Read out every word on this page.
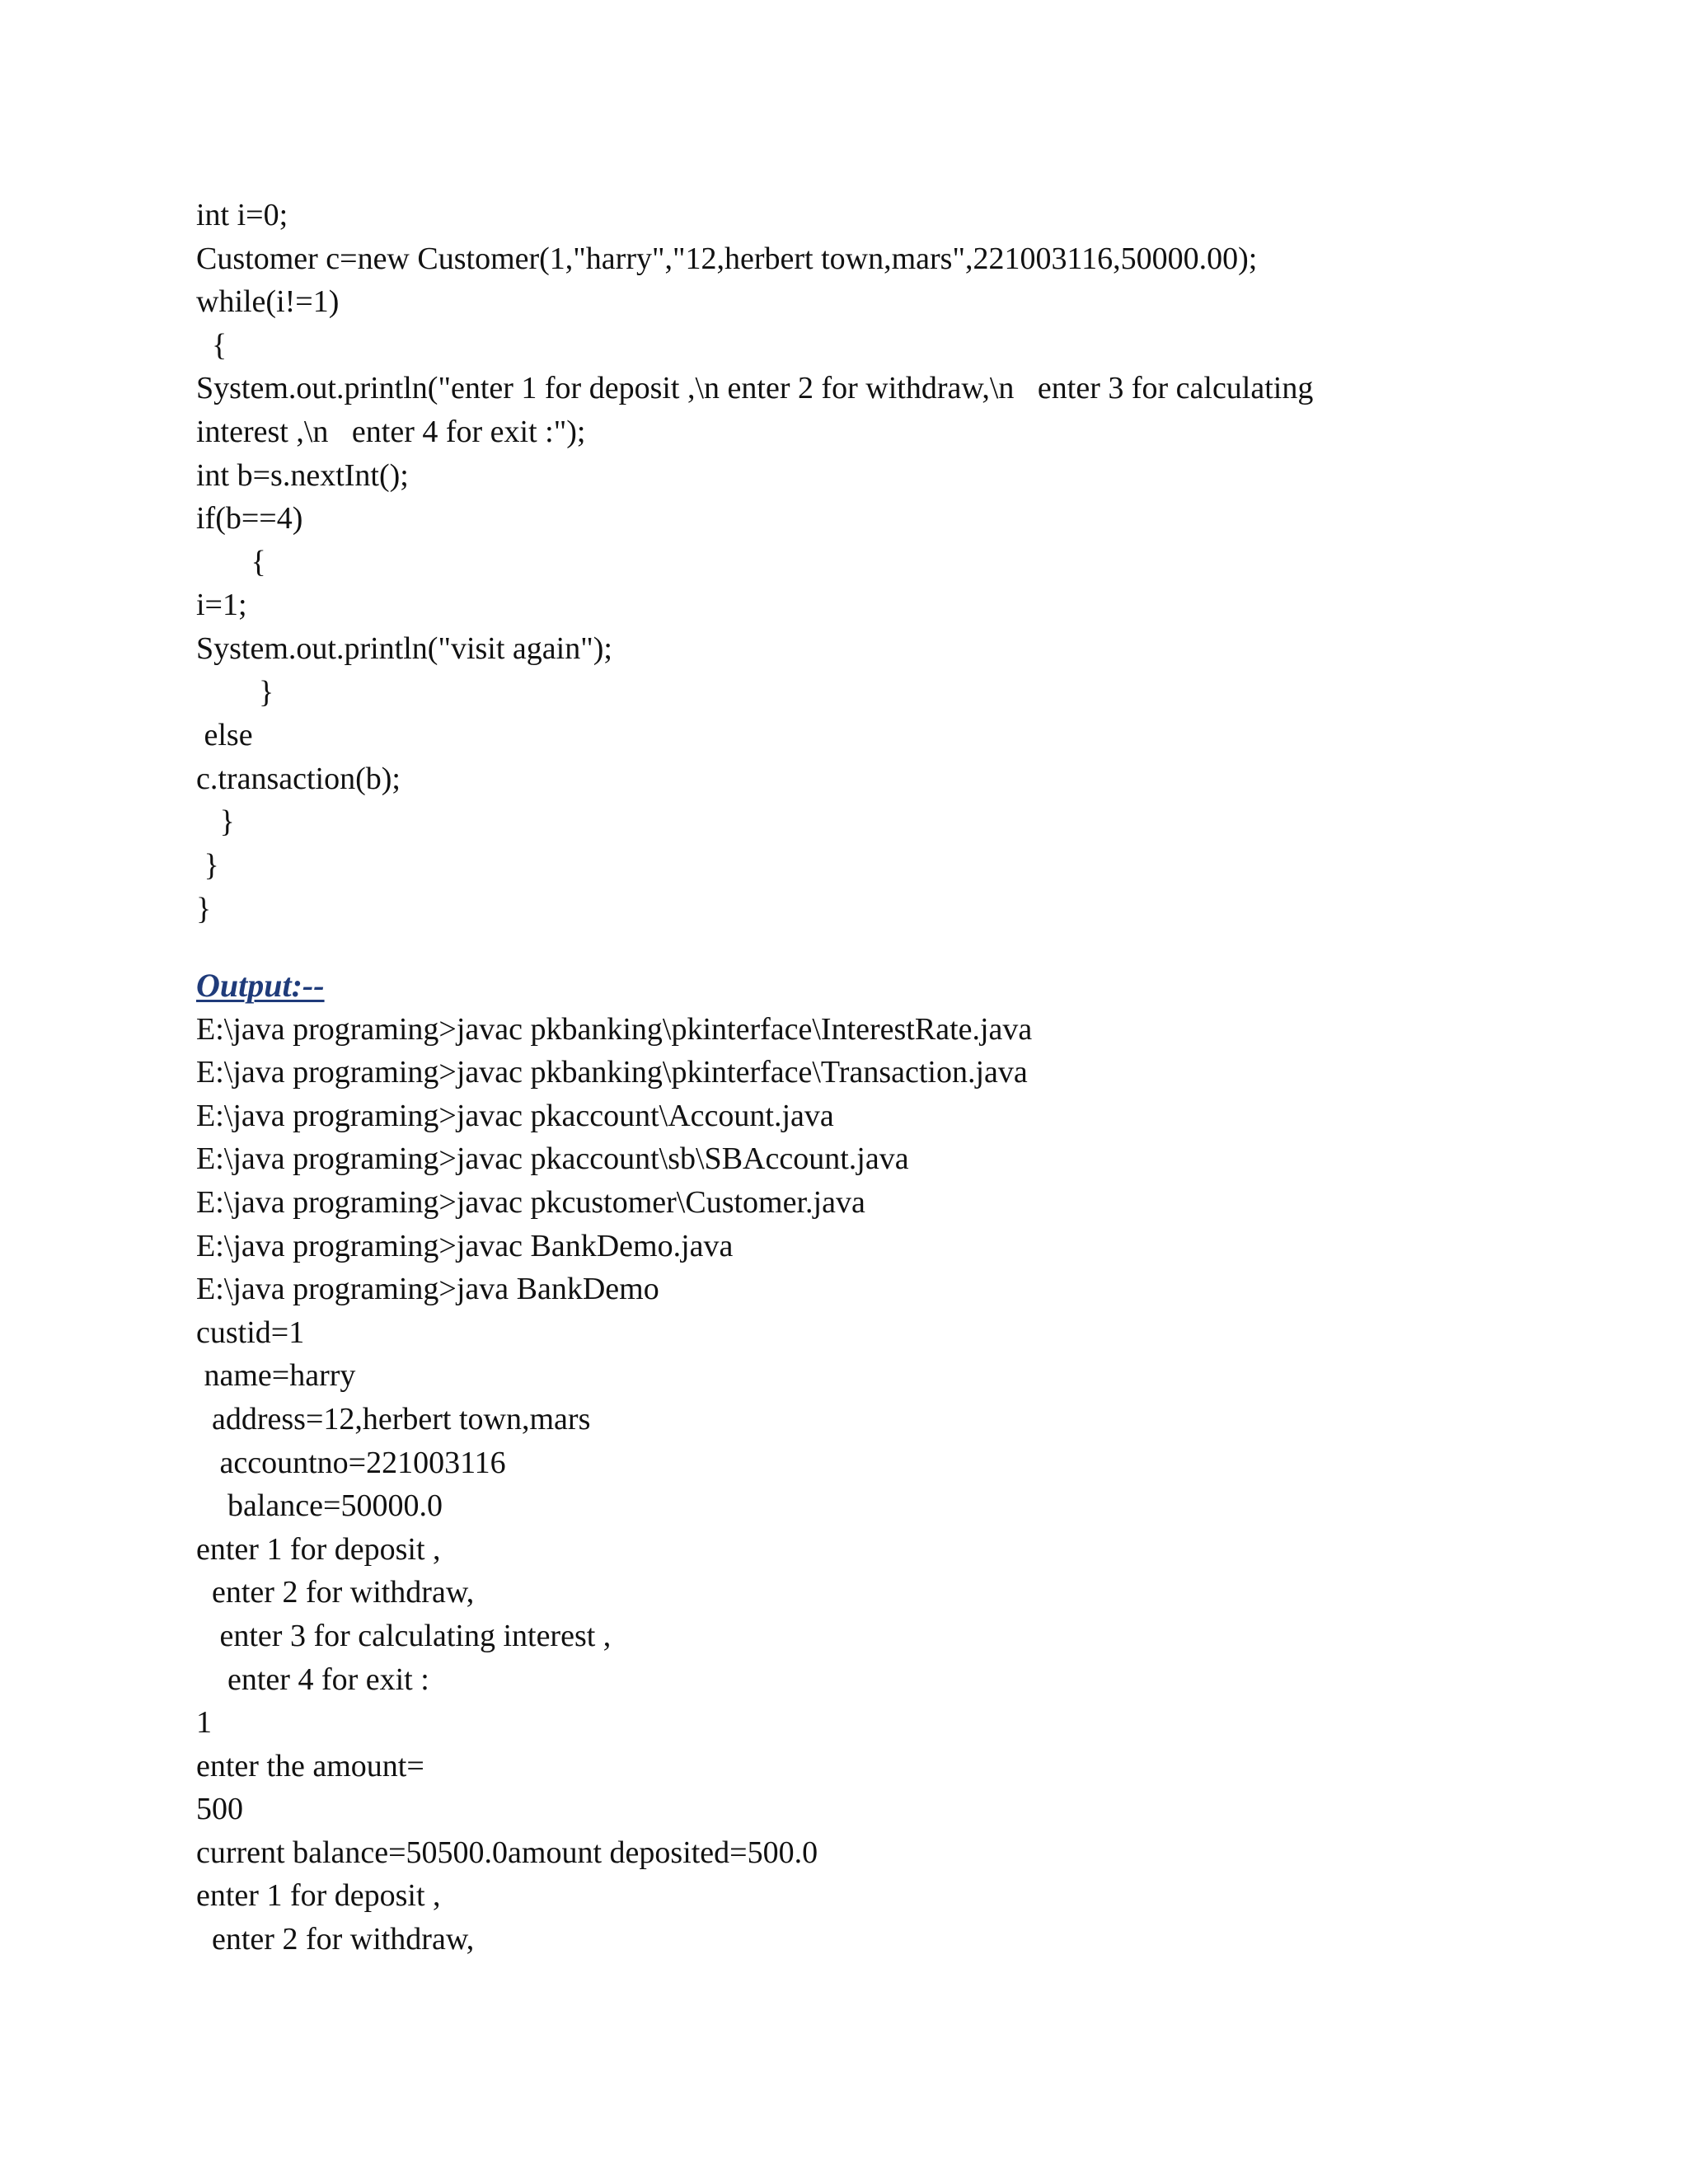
int i=0;
Customer c=new Customer(1,"harry","12,herbert town,mars",221003116,50000.00);
while(i!=1)
{
System.out.println("enter 1 for deposit ,\n enter 2 for withdraw,\n   enter 3 for calculating
interest ,\n   enter 4 for exit :");
int b=s.nextInt();
if(b==4)
{
i=1;
System.out.println("visit again");
}
else
c.transaction(b);
}
}
}
Output:--
E:\java programing>javac pkbanking\pkinterface\InterestRate.java
E:\java programing>javac pkbanking\pkinterface\Transaction.java
E:\java programing>javac pkaccount\Account.java
E:\java programing>javac pkaccount\sb\SBAccount.java
E:\java programing>javac pkcustomer\Customer.java
E:\java programing>javac BankDemo.java
E:\java programing>java BankDemo
custid=1
name=harry
address=12,herbert town,mars
accountno=221003116
balance=50000.0
enter 1 for deposit ,
enter 2 for withdraw,
enter 3 for calculating interest ,
enter 4 for exit :
1
enter the amount=
500
current balance=50500.0amount deposited=500.0
enter 1 for deposit ,
enter 2 for withdraw,
